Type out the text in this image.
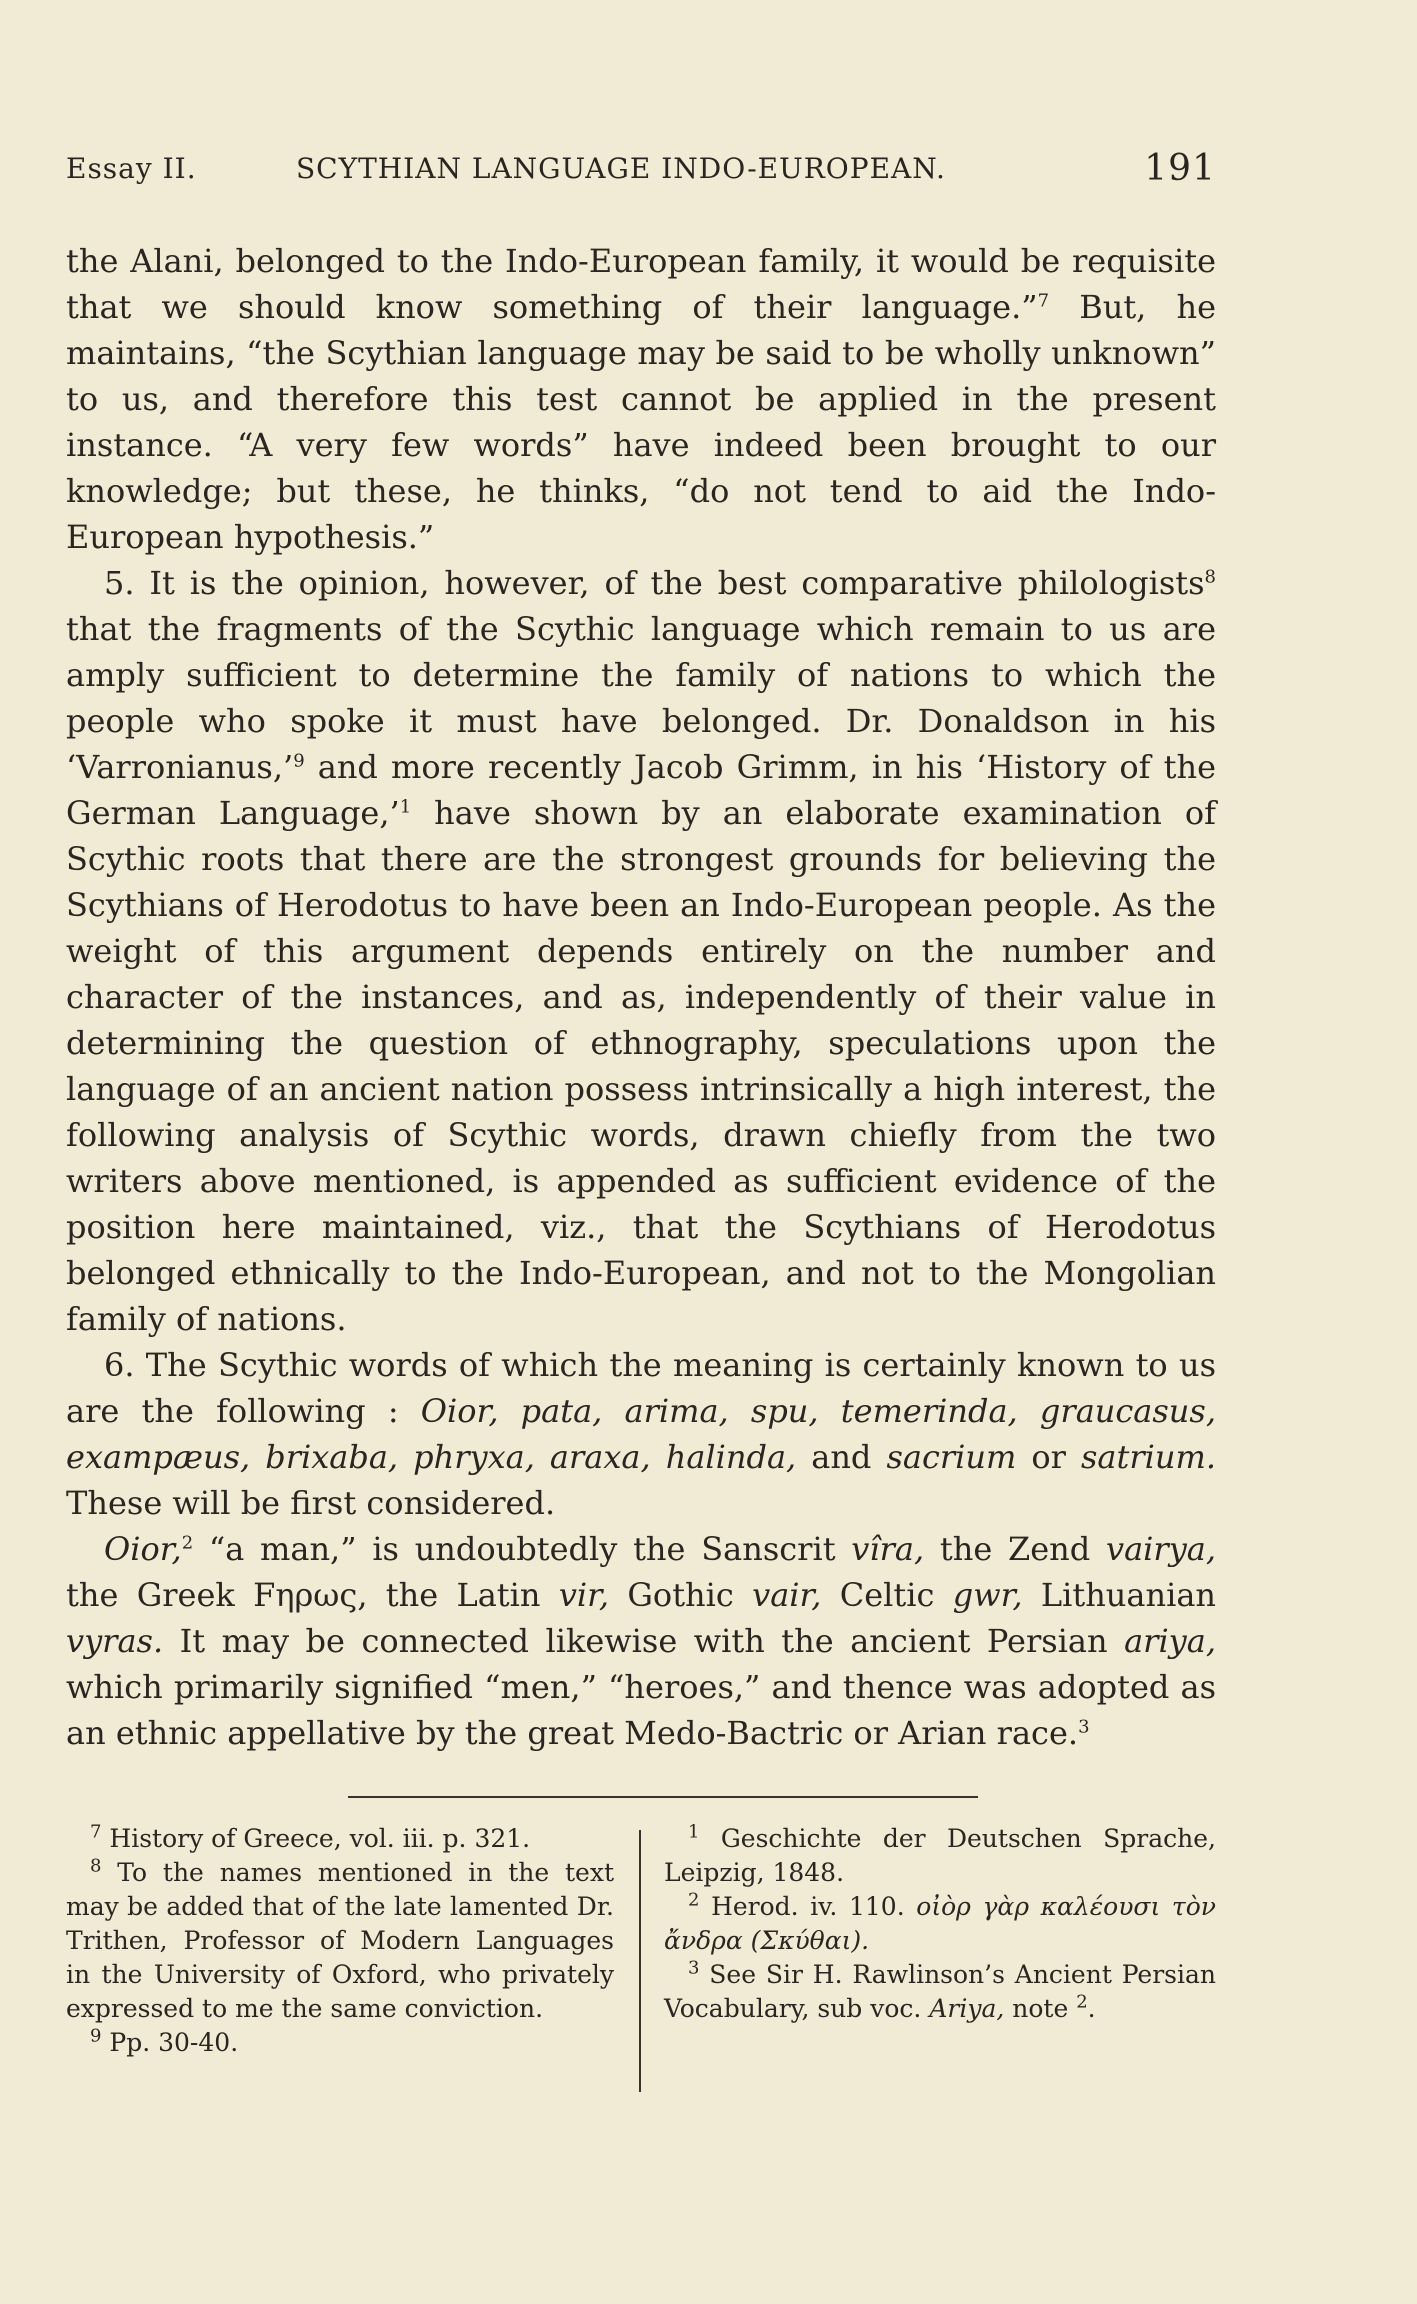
Essay II.	SCYTHIAN LANGUAGE INDO-EUROPEAN.	191

the Alani, belonged to the Indo-European family, it would be requisite that we should know something of their language.”$^7$ But, he maintains, “the Scythian language may be said to be wholly unknown” to us, and therefore this test cannot be applied in the present instance. “A very few words” have indeed been brought to our knowledge; but these, he thinks, “do not tend to aid the Indo-European hypothesis.”

5. It is the opinion, however, of the best comparative philologists$^8$ that the fragments of the Scythic language which remain to us are amply sufficient to determine the family of nations to which the people who spoke it must have belonged. Dr. Donaldson in his ‘Varronianus,’$^9$ and more recently Jacob Grimm, in his ‘History of the German Language,’$^1$ have shown by an elaborate examination of Scythic roots that there are the strongest grounds for believing the Scythians of Herodotus to have been an Indo-European people. As the weight of this argument depends entirely on the number and character of the instances, and as, independently of their value in determining the question of ethnography, speculations upon the language of an ancient nation possess intrinsically a high interest, the following analysis of Scythic words, drawn chiefly from the two writers above mentioned, is appended as sufficient evidence of the position here maintained, viz., that the Scythians of Herodotus belonged ethnically to the Indo-European, and not to the Mongolian family of nations.

6. The Scythic words of which the meaning is certainly known to us are the following : Oior, pata, arima, spu, temerinda, graucasus, exampæus, brixaba, phryxa, araxa, halinda, and sacrium or satrium. These will be first considered.

Oior,$^2$ “a man,” is undoubtedly the Sanscrit vîra, the Zend vairya, the Greek Fηρως, the Latin vir, Gothic vair, Celtic gwr, Lithuanian vyras. It may be connected likewise with the ancient Persian ariya, which primarily signified “men,” “heroes,” and thence was adopted as an ethnic appellative by the great Medo-Bactric or Arian race.$^3$

$^7$ History of Greece, vol. iii. p. 321.

$^8$ To the names mentioned in the text may be added that of the late lamented Dr. Trithen, Professor of Modern Languages in the University of Oxford, who privately expressed to me the same conviction.

$^9$ Pp. 30-40.

$^1$ Geschichte der Deutschen Sprache, Leipzig, 1848.

$^2$ Herod. iv. 110. οἰὸρ γὰρ καλέουσι τὸν ἄνδρα (Σκύθαι).

$^3$ See Sir H. Rawlinson’s Ancient Persian Vocabulary, sub voc. Ariya, note $^2$.
